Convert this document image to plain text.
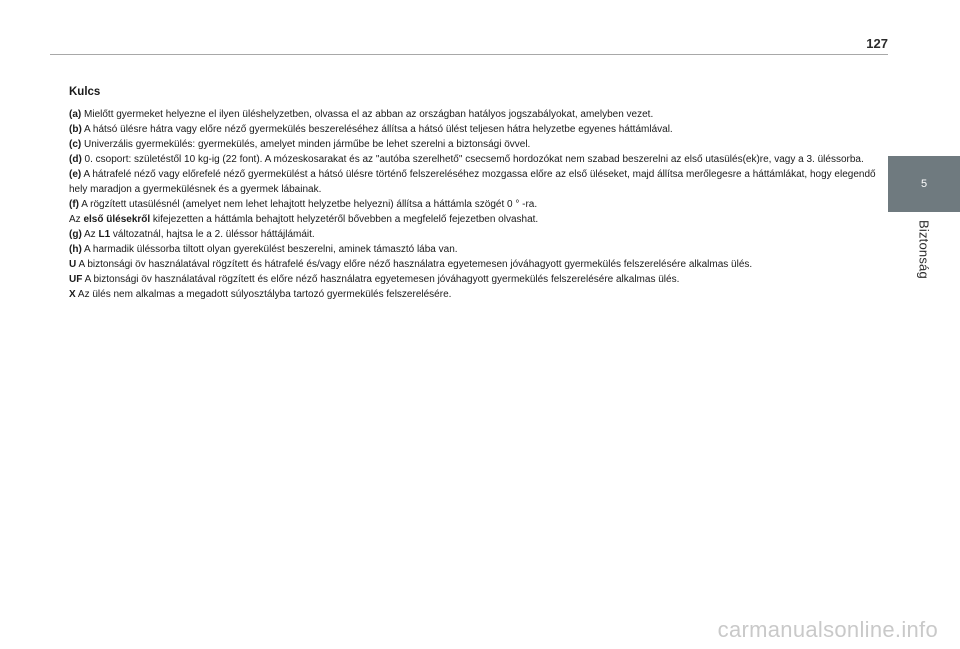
127
5
Biztonság

Kulcs

(a) Mielőtt gyermeket helyezne el ilyen üléshelyzetben, olvassa el az abban az országban hatályos jogszabályokat, amelyben vezet.

(b) A hátsó ülésre hátra vagy előre néző gyermekülés beszereléséhez állítsa a hátsó ülést teljesen hátra helyzetbe egyenes háttámlával.

(c) Univerzális gyermekülés: gyermekülés, amelyet minden járműbe be lehet szerelni a biztonsági övvel.

(d) 0. csoport: születéstől 10 kg-ig (22 font). A mózeskosarakat és az "autóba szerelhető" csecsemő hordozókat nem szabad beszerelni az első utasülés(ek)re, vagy a 3. üléssorba.

(e) A hátrafelé néző vagy előrefelé néző gyermekülést a hátsó ülésre történő felszereléséhez mozgassa előre az első üléseket, majd állítsa merőlegesre a háttámlákat, hogy elegendő hely maradjon a gyermekülésnek és a gyermek lábainak.

(f) A rögzített utasülésnél (amelyet nem lehet lehajtott helyzetbe helyezni) állítsa a háttámla szögét 0 ° -ra.

Az első ülésekről kifejezetten a háttámla behajtott helyzetéről bővebben a megfelelő fejezetben olvashat.

(g) Az L1 változatnál, hajtsa le a 2. üléssor háttájlámáit.

(h) A harmadik üléssorba tiltott olyan gyerekülést beszerelni, aminek támasztó lába van.

U A biztonsági öv használatával rögzített és hátrafelé és/vagy előre néző használatra egyetemesen jóváhagyott gyermekülés felszerelésére alkalmas ülés.

UF A biztonsági öv használatával rögzített és előre néző használatra egyetemesen jóváhagyott gyermekülés felszerelésére alkalmas ülés.

X Az ülés nem alkalmas a megadott súlyosztályba tartozó gyermekülés felszerelésére.

carmanualsonline.info
